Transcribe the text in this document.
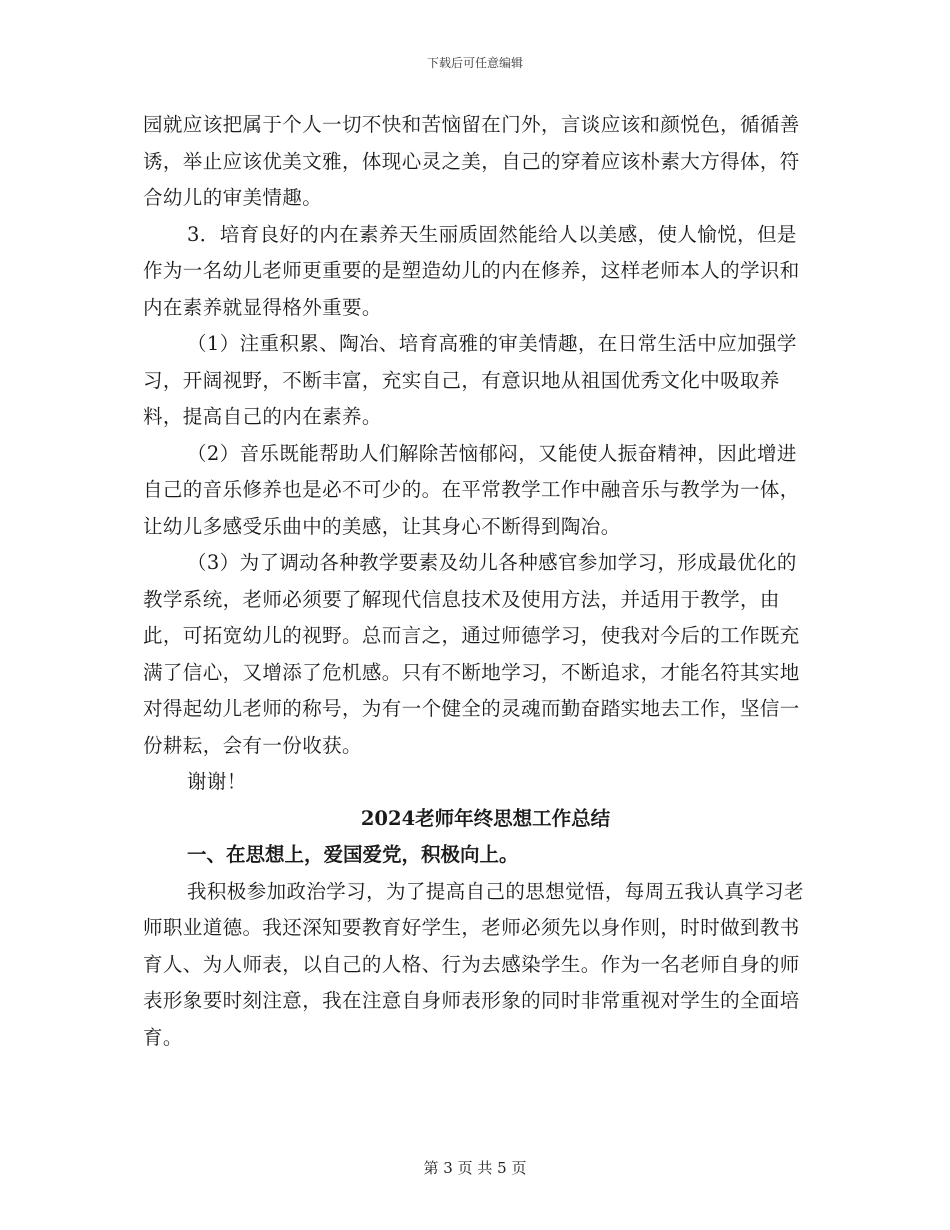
下载后可任意编辑

园就应该把属于个人一切不快和苦恼留在门外，言谈应该和颜悦色，循循善诱，举止应该优美文雅，体现心灵之美，自己的穿着应该朴素大方得体，符合幼儿的审美情趣。

3．培育良好的内在素养天生丽质固然能给人以美感，使人愉悦，但是作为一名幼儿老师更重要的是塑造幼儿的内在修养，这样老师本人的学识和内在素养就显得格外重要。

（1）注重积累、陶冶、培育高雅的审美情趣，在日常生活中应加强学习，开阔视野，不断丰富，充实自己，有意识地从祖国优秀文化中吸取养料，提高自己的内在素养。

（2）音乐既能帮助人们解除苦恼郁闷，又能使人振奋精神，因此增进自己的音乐修养也是必不可少的。在平常教学工作中融音乐与教学为一体，让幼儿多感受乐曲中的美感，让其身心不断得到陶冶。

（3）为了调动各种教学要素及幼儿各种感官参加学习，形成最优化的教学系统，老师必须要了解现代信息技术及使用方法，并适用于教学，由此，可拓宽幼儿的视野。总而言之，通过师德学习，使我对今后的工作既充满了信心，又增添了危机感。只有不断地学习，不断追求，才能名符其实地对得起幼儿老师的称号，为有一个健全的灵魂而勤奋踏实地去工作，坚信一份耕耘，会有一份收获。

谢谢！

2024老师年终思想工作总结

一、在思想上，爱国爱党，积极向上。

我积极参加政治学习，为了提高自己的思想觉悟，每周五我认真学习老师职业道德。我还深知要教育好学生，老师必须先以身作则，时时做到教书育人、为人师表，以自己的人格、行为去感染学生。作为一名老师自身的师表形象要时刻注意，我在注意自身师表形象的同时非常重视对学生的全面培育。

第 3 页 共 5 页
